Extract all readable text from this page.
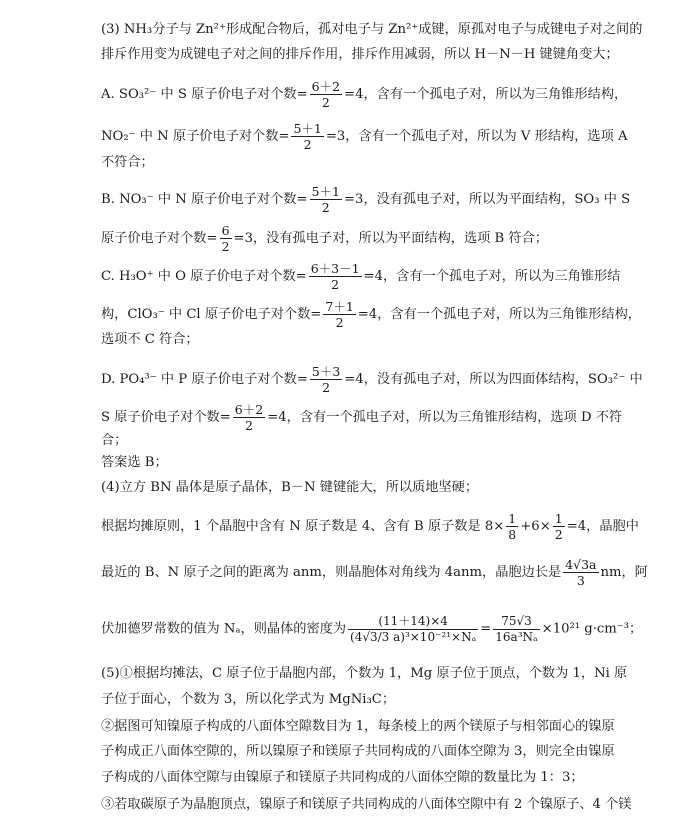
(3) NH₃分子与 Zn²⁺形成配合物后，孤对电子与 Zn²⁺成键，原孤对电子与成键电子对之间的
排斥作用变为成键电子对之间的排斥作用，排斥作用减弱，所以 H－N－H 键键角变大；
A. SO₃²⁻ 中 S 原子价电子对个数= $\frac{6+2}{2} =4$，含有一个孤电子对，所以为三角锥形结构，
NO₂⁻ 中 N 原子价电子对个数= $\frac{5+1}{2} =3$，含有一个孤电子对，所以为 V 形结构，选项 A
不符合；
B. NO₃⁻ 中 N 原子价电子对个数= $\frac{5+1}{2} =3$，没有孤电子对，所以为平面结构，SO₃ 中 S
原子价电子对个数= $\frac{6}{2} =3$，没有孤电子对，所以为平面结构，选项 B 符合；
C. H₃O⁺ 中 O 原子价电子对个数= $\frac{6+3-1}{2} =4$，含有一个孤电子对，所以为三角锥形结
构，ClO₃⁻ 中 Cl 原子价电子对个数= $\frac{7+1}{2} =4$，含有一个孤电子对，所以为三角锥形结构，
选项不 C 符合；
D. PO₄³⁻ 中 P 原子价电子对个数= $\frac{5+3}{2} =4$，没有孤电子对，所以为四面体结构，SO₃²⁻ 中
S 原子价电子对个数= $\frac{6+2}{2} =4$，含有一个孤电子对，所以为三角锥形结构，选项 D 不符
合；
答案选 B；
(4)立方 BN 晶体是原子晶体，B－N 键键能大，所以质地坚硬；
根据均摊原则，1 个晶胞中含有 N 原子数是 4、含有 B 原子数是 $8\times \frac{1}{8} +6\times \frac{1}{2} =4$，晶胞中
最近的 B、N 原子之间的距离为 anm，则晶胞体对角线为 4anm，晶胞边长是 $\frac{4√3a}{3}$ nm，阿
伏加德罗常数的值为 Nₐ，则晶体的密度为 $\frac{(11+14)\times 4}{\text{(4√3/3 a)³×10⁻²¹×Nₐ}} = \frac{75√3}{\text{16a³Nₐ}} \times 10^{21}$ g·cm⁻³；
(5)①根据均摊法，C 原子位于晶胞内部，个数为 1，Mg 原子位于顶点，个数为 1，Ni 原
子位于面心，个数为 3，所以化学式为 MgNi₃C；
②据图可知镍原子构成的八面体空隙数目为 1，每条棱上的两个镁原子与相邻面心的镍原
子构成正八面体空隙的，所以镍原子和镁原子共同构成的八面体空隙为 3，则完全由镍原
子构成的八面体空隙与由镍原子和镁原子共同构成的八面体空隙的数量比为 1：3；
③若取碳原子为晶胞顶点，镍原子和镁原子共同构成的八面体空隙中有 2 个镍原子、4 个镁
